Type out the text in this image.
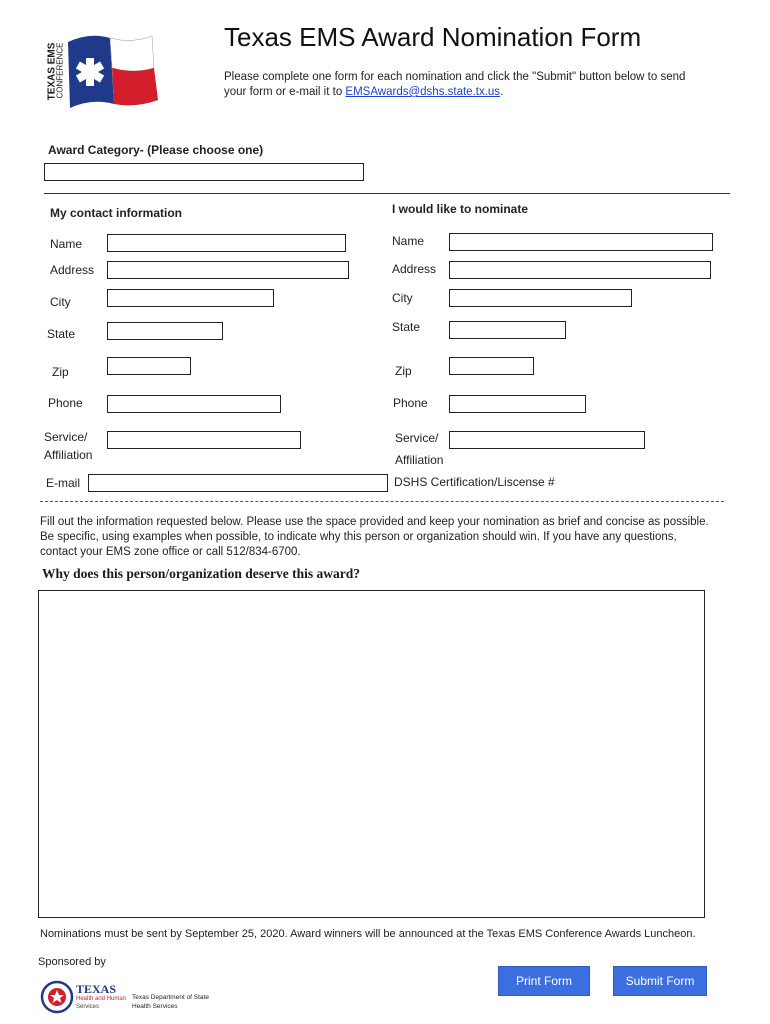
TEXAS EMS
CONFERENCE
Texas EMS Award Nomination Form
Please complete one form for each nomination and click the "Submit" button below to send
your form or e-mail it to EMSAwards@dshs.state.tx.us.
Award Category- (Please choose one)
My contact information
Name
Address
City
State
Zip
Phone
Service/
Affiliation
E-mail
I would like to nominate
Name
Address
City
State
Zip
Phone
Service/
Affiliation
DSHS Certification/Liscense #
Fill out the information requested below. Please use the space provided and keep your nomination as brief and concise as possible.
Be specific, using examples when possible, to indicate why this person or organization should win. If you have any questions,
contact your EMS zone office or call 512/834-6700.
Why does this person/organization deserve this award?
Nominations must be sent by September 25, 2020. Award winners will be announced at the Texas EMS Conference Awards Luncheon.
Sponsored by
TEXAS
Health and Human
Services
Texas Department of State
Health Services
Print Form	Submit Form
